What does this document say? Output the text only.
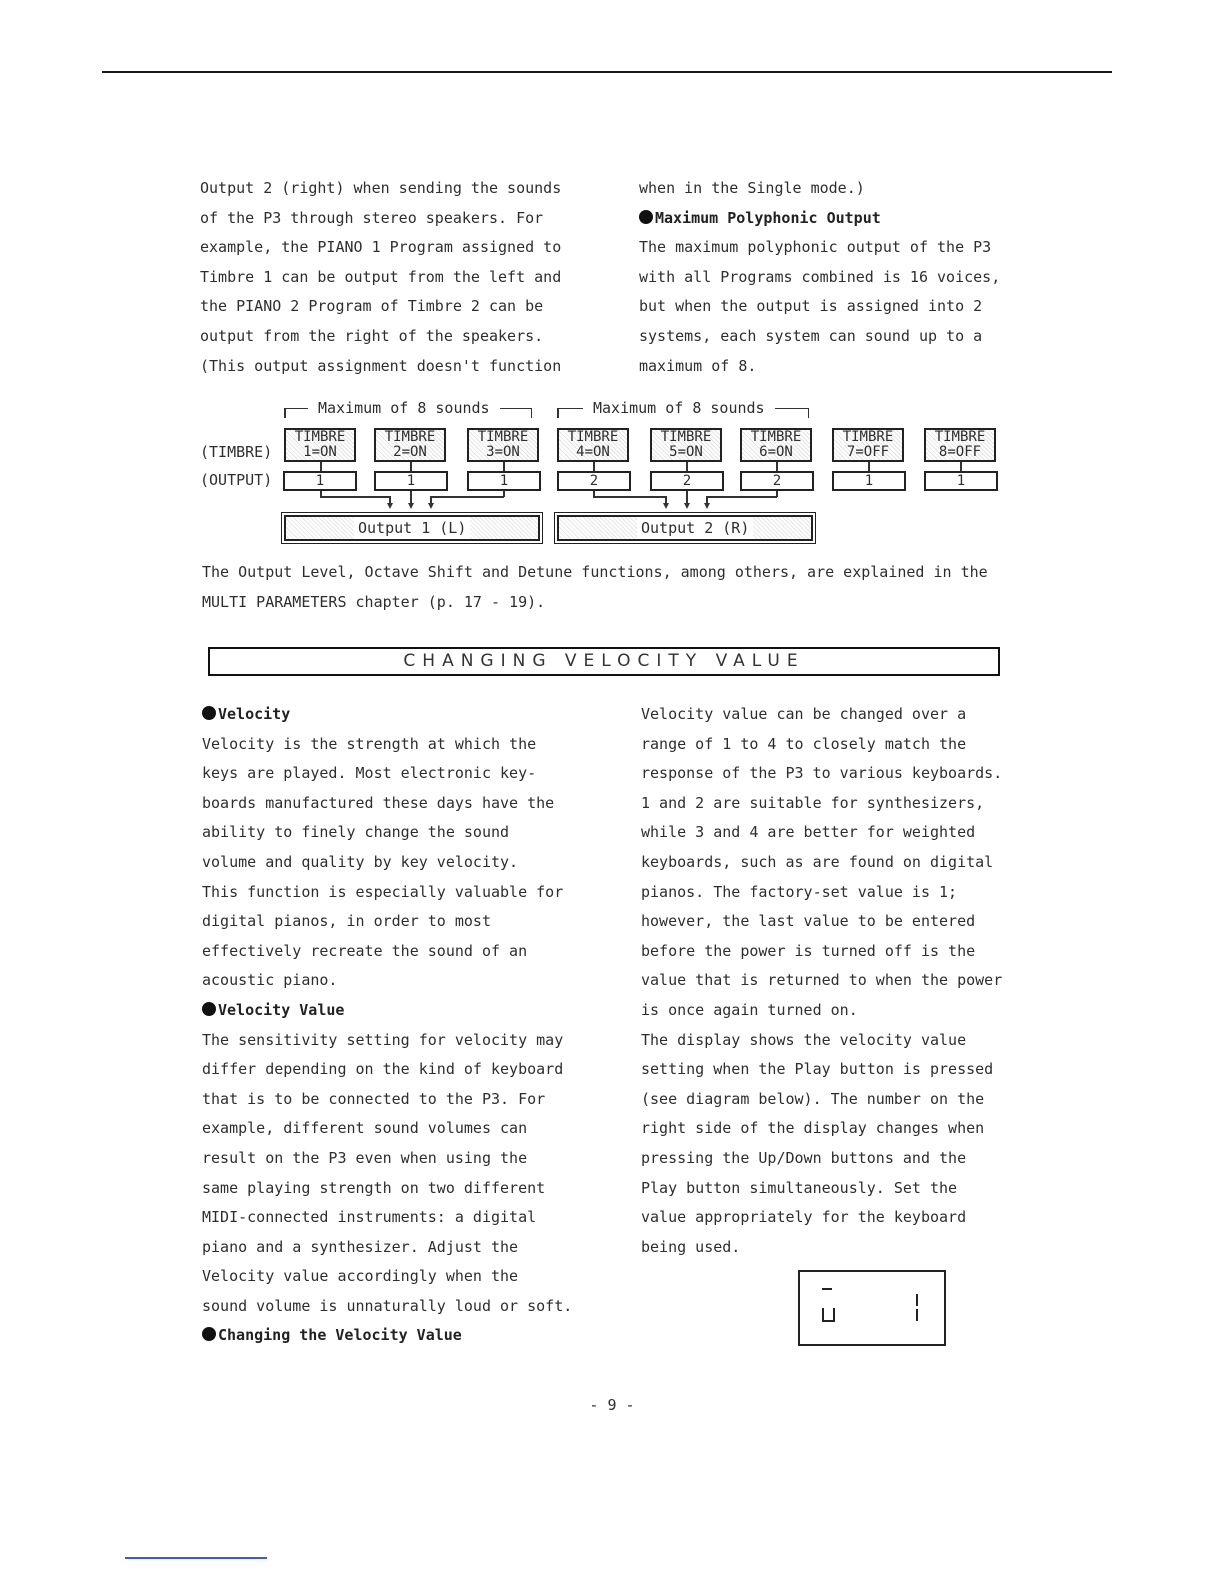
Output 2 (right) when sending the sounds
of the P3 through stereo speakers. For
example, the PIANO 1 Program assigned to
Timbre 1 can be output from the left and
the PIANO 2 Program of Timbre 2 can be
output from the right of the speakers.
(This output assignment doesn't function
when in the Single mode.)
Maximum Polyphonic Output
The maximum polyphonic output of the P3
with all Programs combined is 16 voices,
but when the output is assigned into 2
systems, each system can sound up to a
maximum of 8.
Maximum of 8 sounds	Maximum of 8 sounds
(TIMBRE)
(OUTPUT)
TIMBRE
1=ON
TIMBRE
2=ON
TIMBRE
3=ON
TIMBRE
4=ON
TIMBRE
5=ON
TIMBRE
6=ON
TIMBRE
7=OFF
TIMBRE
8=OFF
1	1	1	2	2	2	1	1
Output 1 (L)	Output 2 (R)
The Output Level, Octave Shift and Detune functions, among others, are explained in the
MULTI PARAMETERS chapter (p. 17 - 19).
CHANGING VELOCITY VALUE
Velocity
Velocity is the strength at which the
keys are played. Most electronic key-
boards manufactured these days have the
ability to finely change the sound
volume and quality by key velocity.
This function is especially valuable for
digital pianos, in order to most
effectively recreate the sound of an
acoustic piano.
Velocity Value
The sensitivity setting for velocity may
differ depending on the kind of keyboard
that is to be connected to the P3. For
example, different sound volumes can
result on the P3 even when using the
same playing strength on two different
MIDI-connected instruments: a digital
piano and a synthesizer. Adjust the
Velocity value accordingly when the
sound volume is unnaturally loud or soft.
Changing the Velocity Value
Velocity value can be changed over a
range of 1 to 4 to closely match the
response of the P3 to various keyboards.
1 and 2 are suitable for synthesizers,
while 3 and 4 are better for weighted
keyboards, such as are found on digital
pianos. The factory-set value is 1;
however, the last value to be entered
before the power is turned off is the
value that is returned to when the power
is once again turned on.
The display shows the velocity value
setting when the Play button is pressed
(see diagram below). The number on the
right side of the display changes when
pressing the Up/Down buttons and the
Play button simultaneously. Set the
value appropriately for the keyboard
being used.
- 9 -
